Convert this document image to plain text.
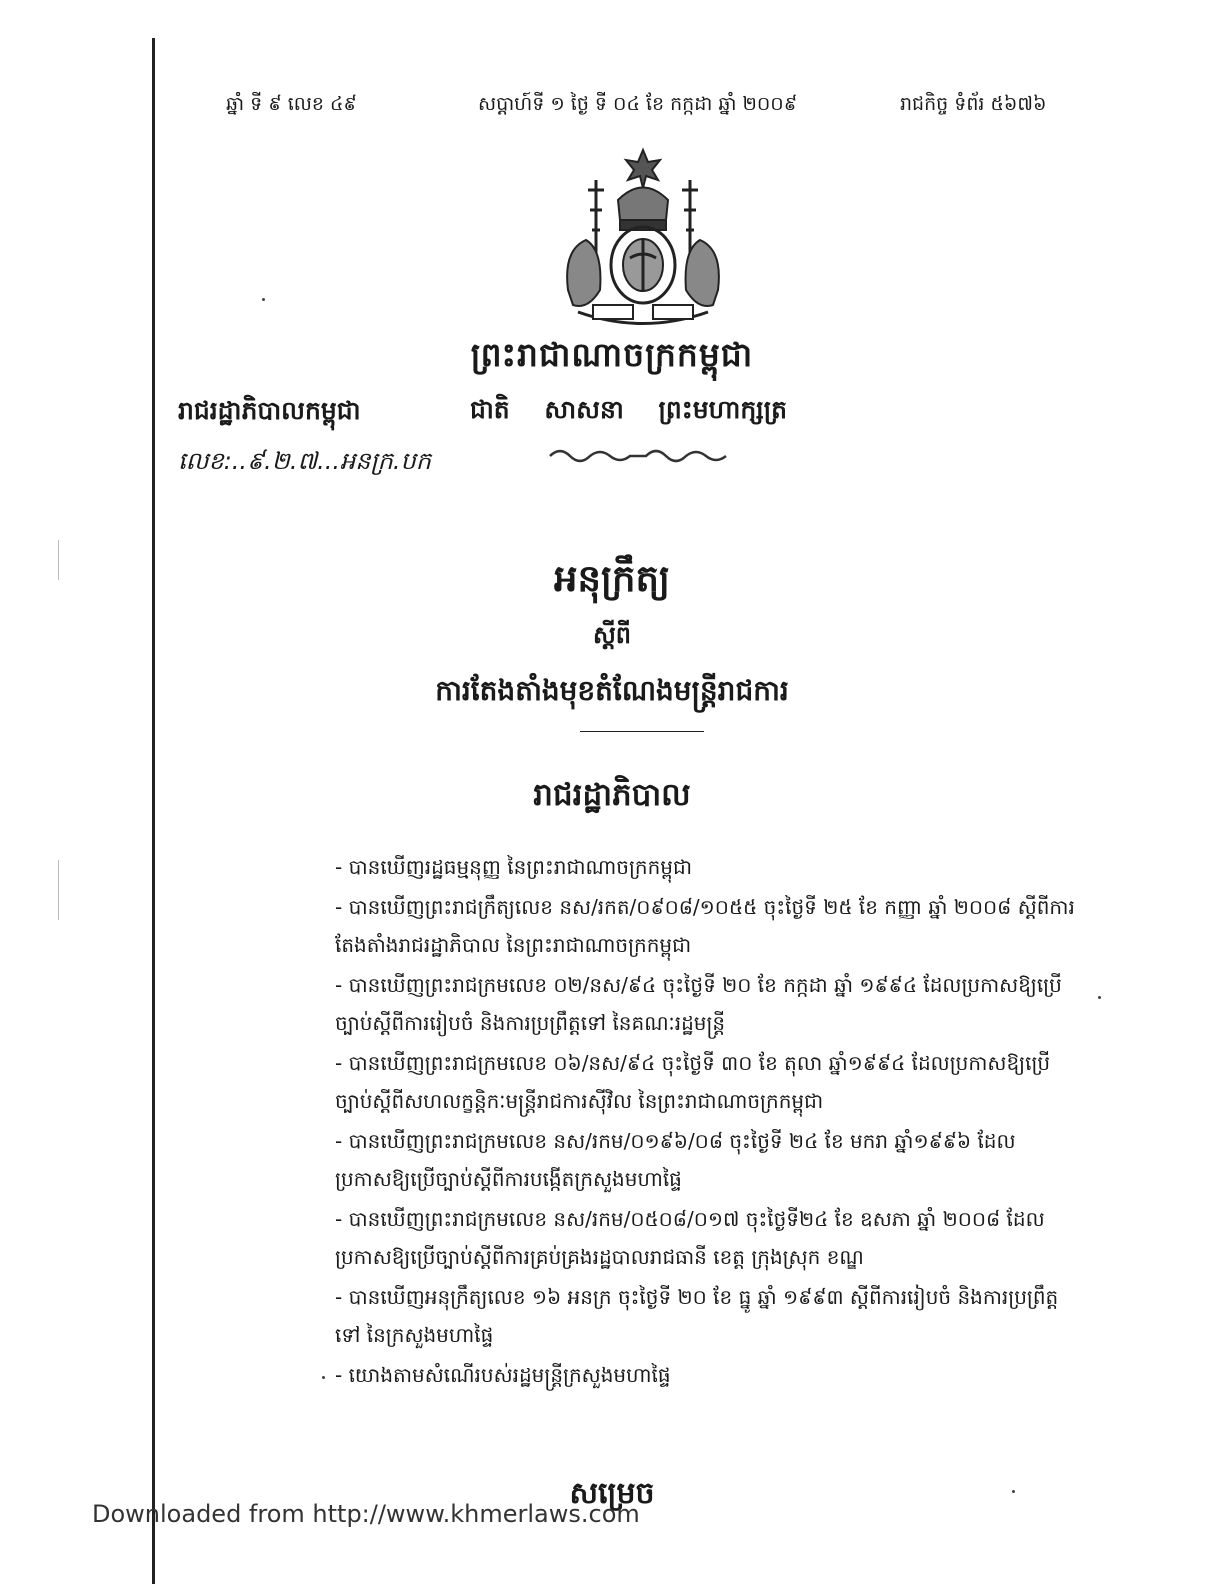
ឆ្នាំ ទី ៩ លេខ ៤៩	សប្ដាហ៍ទី ១ ថ្ងៃ ទី ០៤ ខែ កក្កដា ឆ្នាំ ២០០៩	រាជកិច្ច ទំព័រ ៥៦៧៦
ព្រះរាជាណាចក្រកម្ពុជា
រាជរដ្ឋាភិបាលកម្ពុជា	ជាតិ សាសនា ព្រះមហាក្សត្រ
លេខ:..៩.២.៧...អនក្រ.បក
អនុក្រឹត្យ
ស្ដីពី
ការតែងតាំងមុខតំណែងមន្ត្រីរាជការ
រាជរដ្ឋាភិបាល
- បានឃើញរដ្ឋធម្មនុញ្ញ នៃព្រះរាជាណាចក្រកម្ពុជា
- បានឃើញព្រះរាជក្រឹត្យលេខ នស/រកត/០៩០៨/១០៥៥ ចុះថ្ងៃទី ២៥ ខែ កញ្ញា ឆ្នាំ ២០០៨ ស្ដីពីការតែងតាំងរាជរដ្ឋាភិបាល នៃព្រះរាជាណាចក្រកម្ពុជា
- បានឃើញព្រះរាជក្រមលេខ ០២/នស/៩៤ ចុះថ្ងៃទី ២០ ខែ កក្កដា ឆ្នាំ ១៩៩៤ ដែលប្រកាសឱ្យប្រើច្បាប់ស្ដីពីការរៀបចំ និងការប្រព្រឹត្តទៅ នៃគណៈរដ្ឋមន្ត្រី
- បានឃើញព្រះរាជក្រមលេខ ០៦/នស/៩៤ ចុះថ្ងៃទី ៣០ ខែ តុលា ឆ្នាំ១៩៩៤ ដែលប្រកាសឱ្យប្រើច្បាប់ស្ដីពីសហលក្ខន្តិកៈមន្ត្រីរាជការស៊ីវិល នៃព្រះរាជាណាចក្រកម្ពុជា
- បានឃើញព្រះរាជក្រមលេខ នស/រកម/០១៩៦/០៨ ចុះថ្ងៃទី ២៤ ខែ មករា ឆ្នាំ១៩៩៦ ដែលប្រកាសឱ្យប្រើច្បាប់ស្ដីពីការបង្កើតក្រសួងមហាផ្ទៃ
- បានឃើញព្រះរាជក្រមលេខ នស/រកម/០៥០៨/០១៧ ចុះថ្ងៃទី២៤ ខែ ឧសភា ឆ្នាំ ២០០៨ ដែលប្រកាសឱ្យប្រើច្បាប់ស្ដីពីការគ្រប់គ្រងរដ្ឋបាលរាជធានី ខេត្ត ក្រុងស្រុក ខណ្ឌ
- បានឃើញអនុក្រឹត្យលេខ ១៦ អនក្រ ចុះថ្ងៃទី ២០ ខែ ធ្នូ ឆ្នាំ ១៩៩៣ ស្ដីពីការរៀបចំ និងការប្រព្រឹត្តទៅ នៃក្រសួងមហាផ្ទៃ
- យោងតាមសំណើរបស់រដ្ឋមន្ត្រីក្រសួងមហាផ្ទៃ
សម្រេច
Downloaded from http://www.khmerlaws.com
